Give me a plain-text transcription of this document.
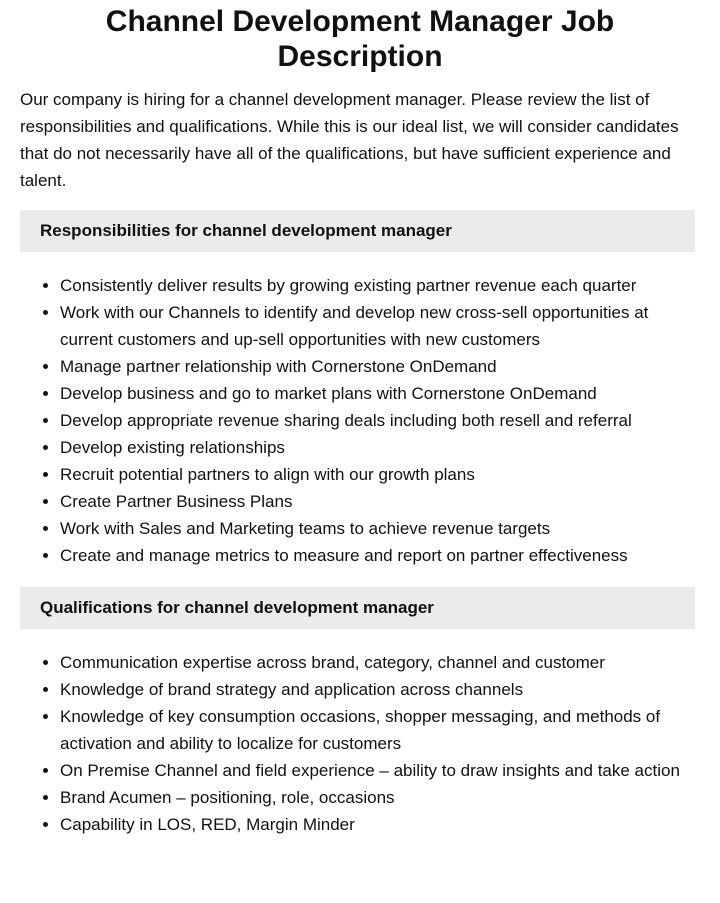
Channel Development Manager Job Description

Our company is hiring for a channel development manager. Please review the list of responsibilities and qualifications. While this is our ideal list, we will consider candidates that do not necessarily have all of the qualifications, but have sufficient experience and talent.

Responsibilities for channel development manager
• Consistently deliver results by growing existing partner revenue each quarter
• Work with our Channels to identify and develop new cross-sell opportunities at current customers and up-sell opportunities with new customers
• Manage partner relationship with Cornerstone OnDemand
• Develop business and go to market plans with Cornerstone OnDemand
• Develop appropriate revenue sharing deals including both resell and referral
• Develop existing relationships
• Recruit potential partners to align with our growth plans
• Create Partner Business Plans
• Work with Sales and Marketing teams to achieve revenue targets
• Create and manage metrics to measure and report on partner effectiveness
Qualifications for channel development manager
• Communication expertise across brand, category, channel and customer
• Knowledge of brand strategy and application across channels
• Knowledge of key consumption occasions, shopper messaging, and methods of activation and ability to localize for customers
• On Premise Channel and field experience – ability to draw insights and take action
• Brand Acumen – positioning, role, occasions
• Capability in LOS, RED, Margin Minder
